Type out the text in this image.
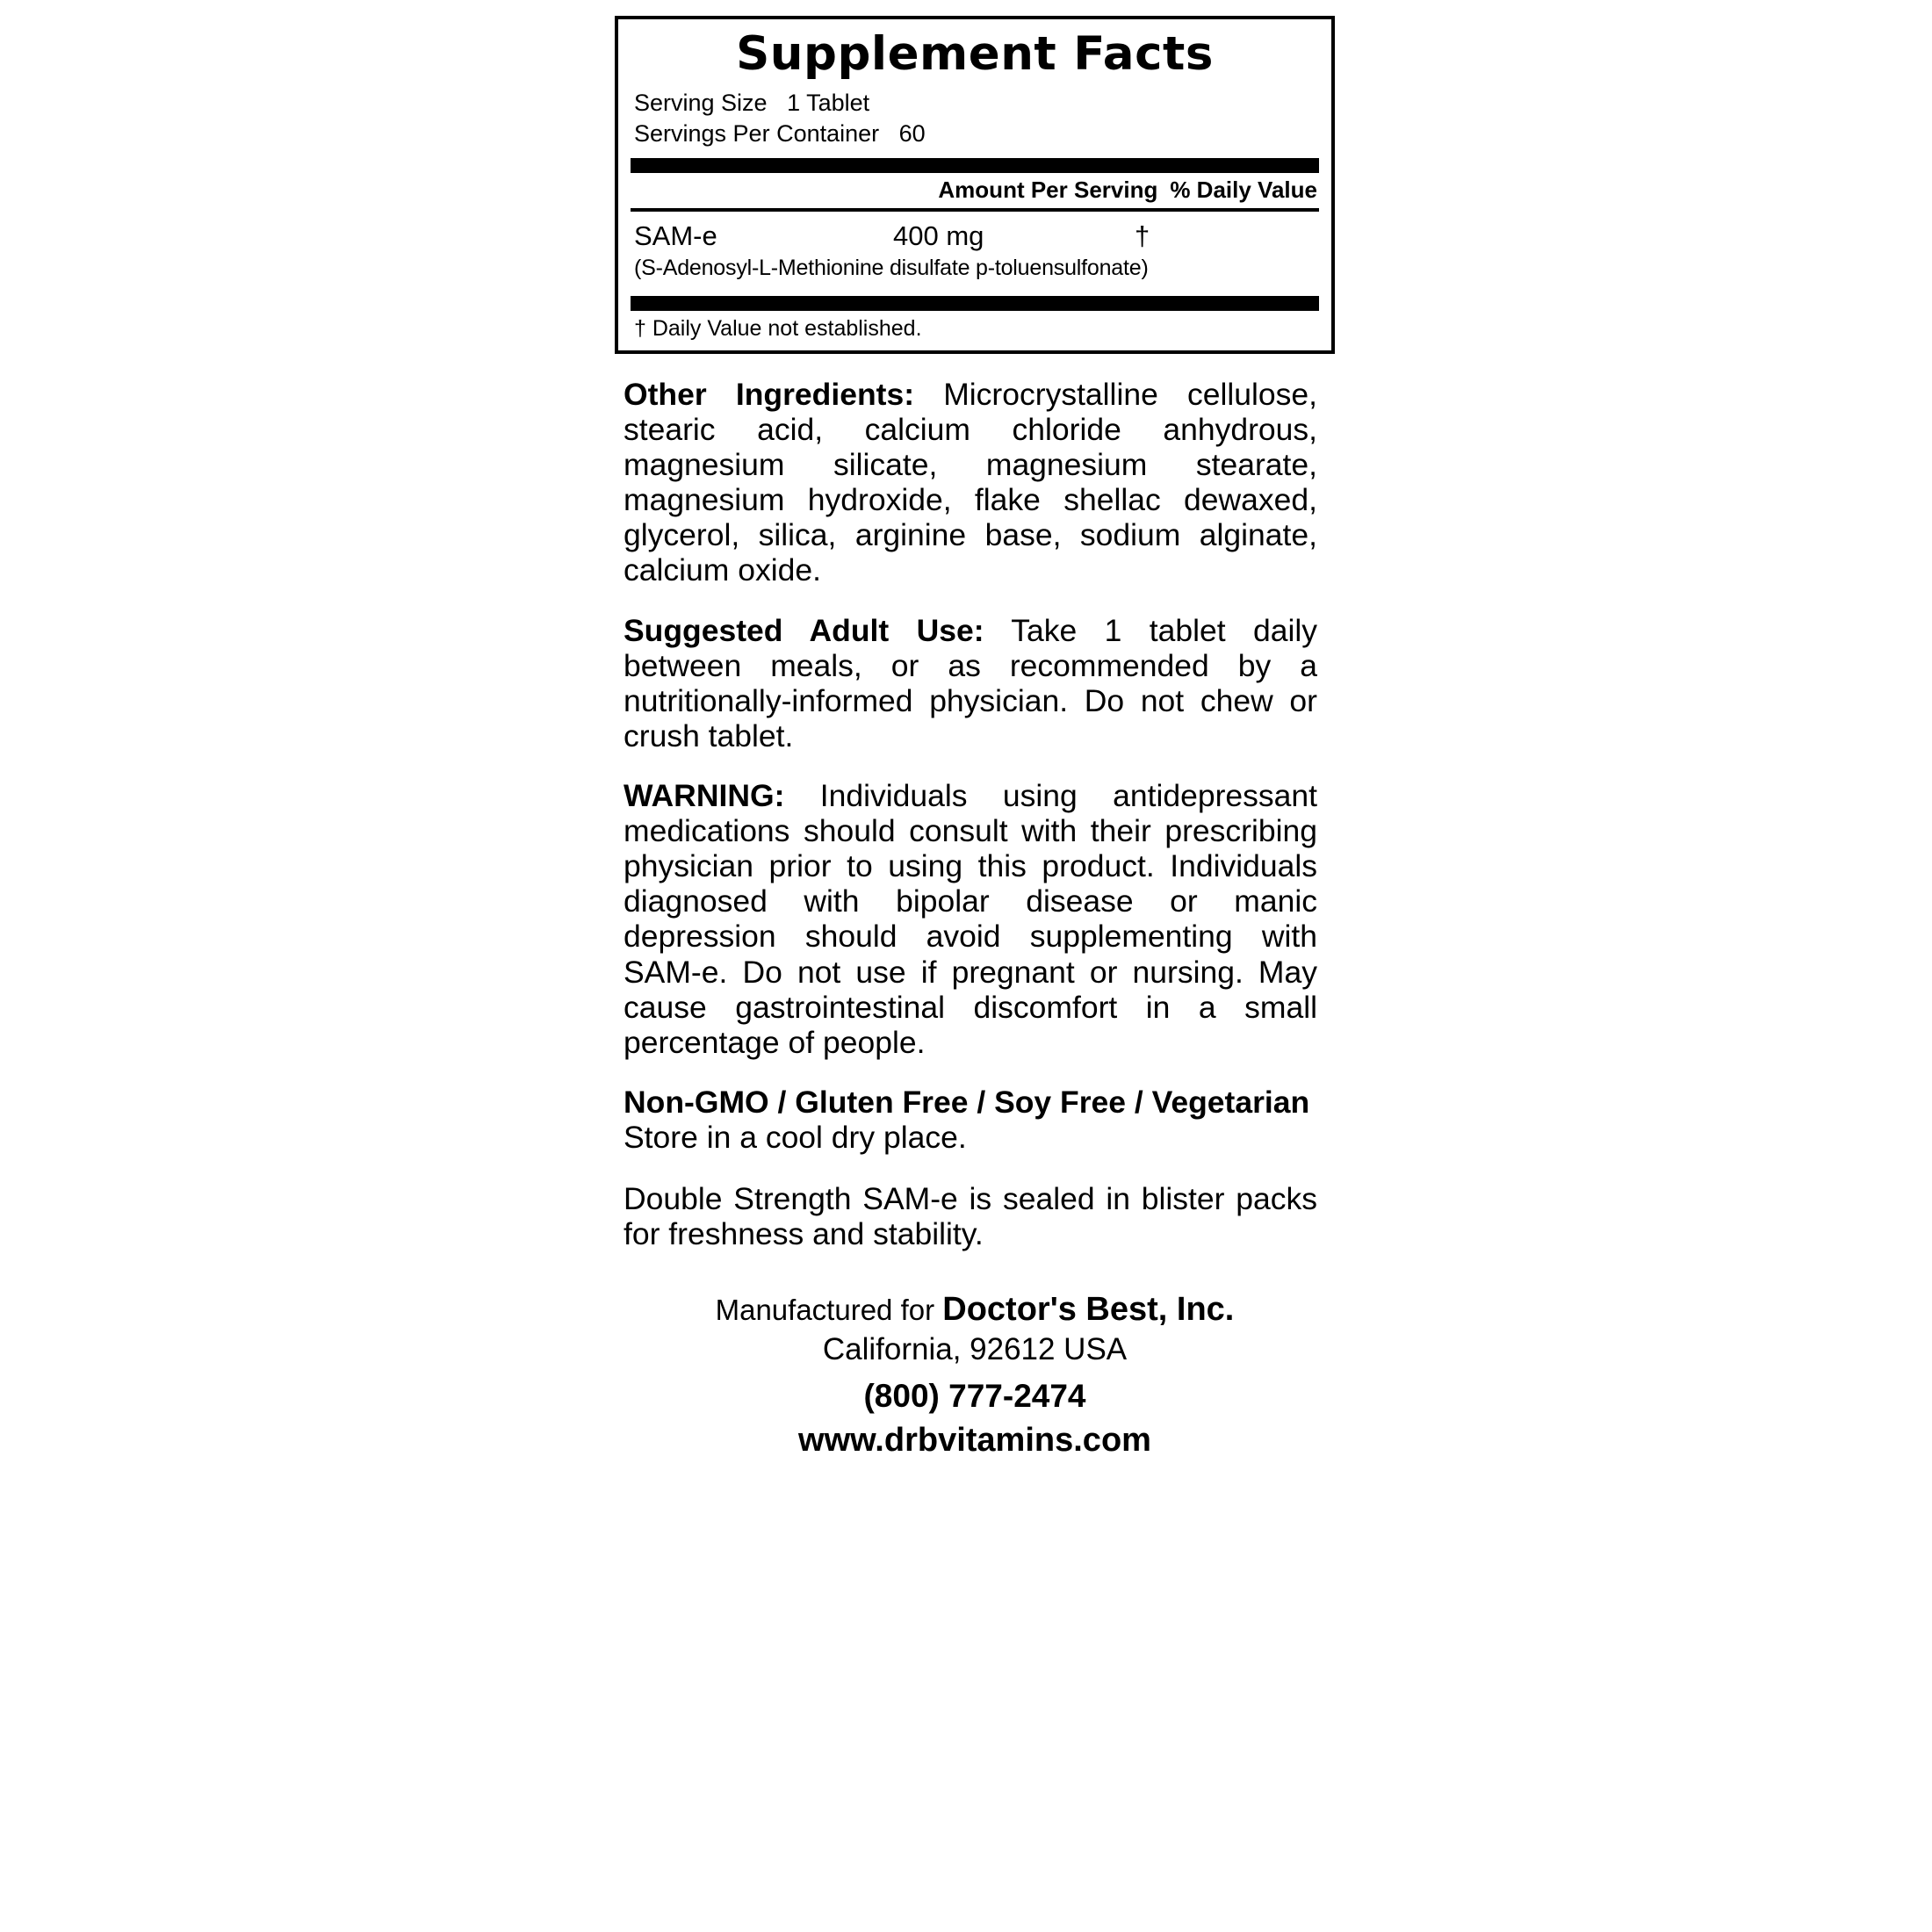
Supplement Facts
Serving Size 1 Tablet
Servings Per Container 60
Amount Per Serving % Daily Value
SAM-e	400 mg	†
(S-Adenosyl-L-Methionine disulfate p-toluensulfonate)
† Daily Value not established.

Other Ingredients: Microcrystalline cellulose, stearic acid, calcium chloride anhydrous, magnesium silicate, magnesium stearate, magnesium hydroxide, flake shellac dewaxed, glycerol, silica, arginine base, sodium alginate, calcium oxide.

Suggested Adult Use: Take 1 tablet daily between meals, or as recommended by a nutritionally-informed physician. Do not chew or crush tablet.

WARNING: Individuals using antidepressant medications should consult with their prescribing physician prior to using this product. Individuals diagnosed with bipolar disease or manic depression should avoid supplementing with SAM-e. Do not use if pregnant or nursing. May cause gastrointestinal discomfort in a small percentage of people.

Non-GMO / Gluten Free / Soy Free / Vegetarian

Store in a cool dry place.

Double Strength SAM-e is sealed in blister packs for freshness and stability.

Manufactured for Doctor's Best, Inc.
California, 92612 USA
(800) 777-2474
www.drbvitamins.com
